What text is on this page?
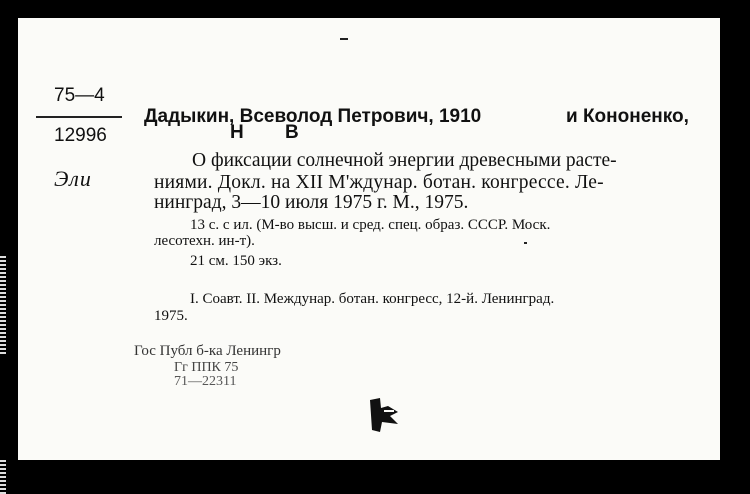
75—4
12996
Эли
Дадыкин, Всеволод Петрович, 1910	и Кононенко,
Н В
О фиксации солнечной энергии древесными расте-
ниями. Докл. на XII М'ждунар. ботан. конгрессе. Ле-
нинград, 3—10 июля 1975 г. М., 1975.
13 с. с ил. (М-во высш. и сред. спец. образ. СССР. Моск.
лесотехн. ин-т).
21 см. 150 экз.
I. Соавт. II. Междунар. ботан. конгресс, 12-й. Ленинград.
1975.
Гос Публ б-ка Ленингр
Гг ППК 75
71—22311
